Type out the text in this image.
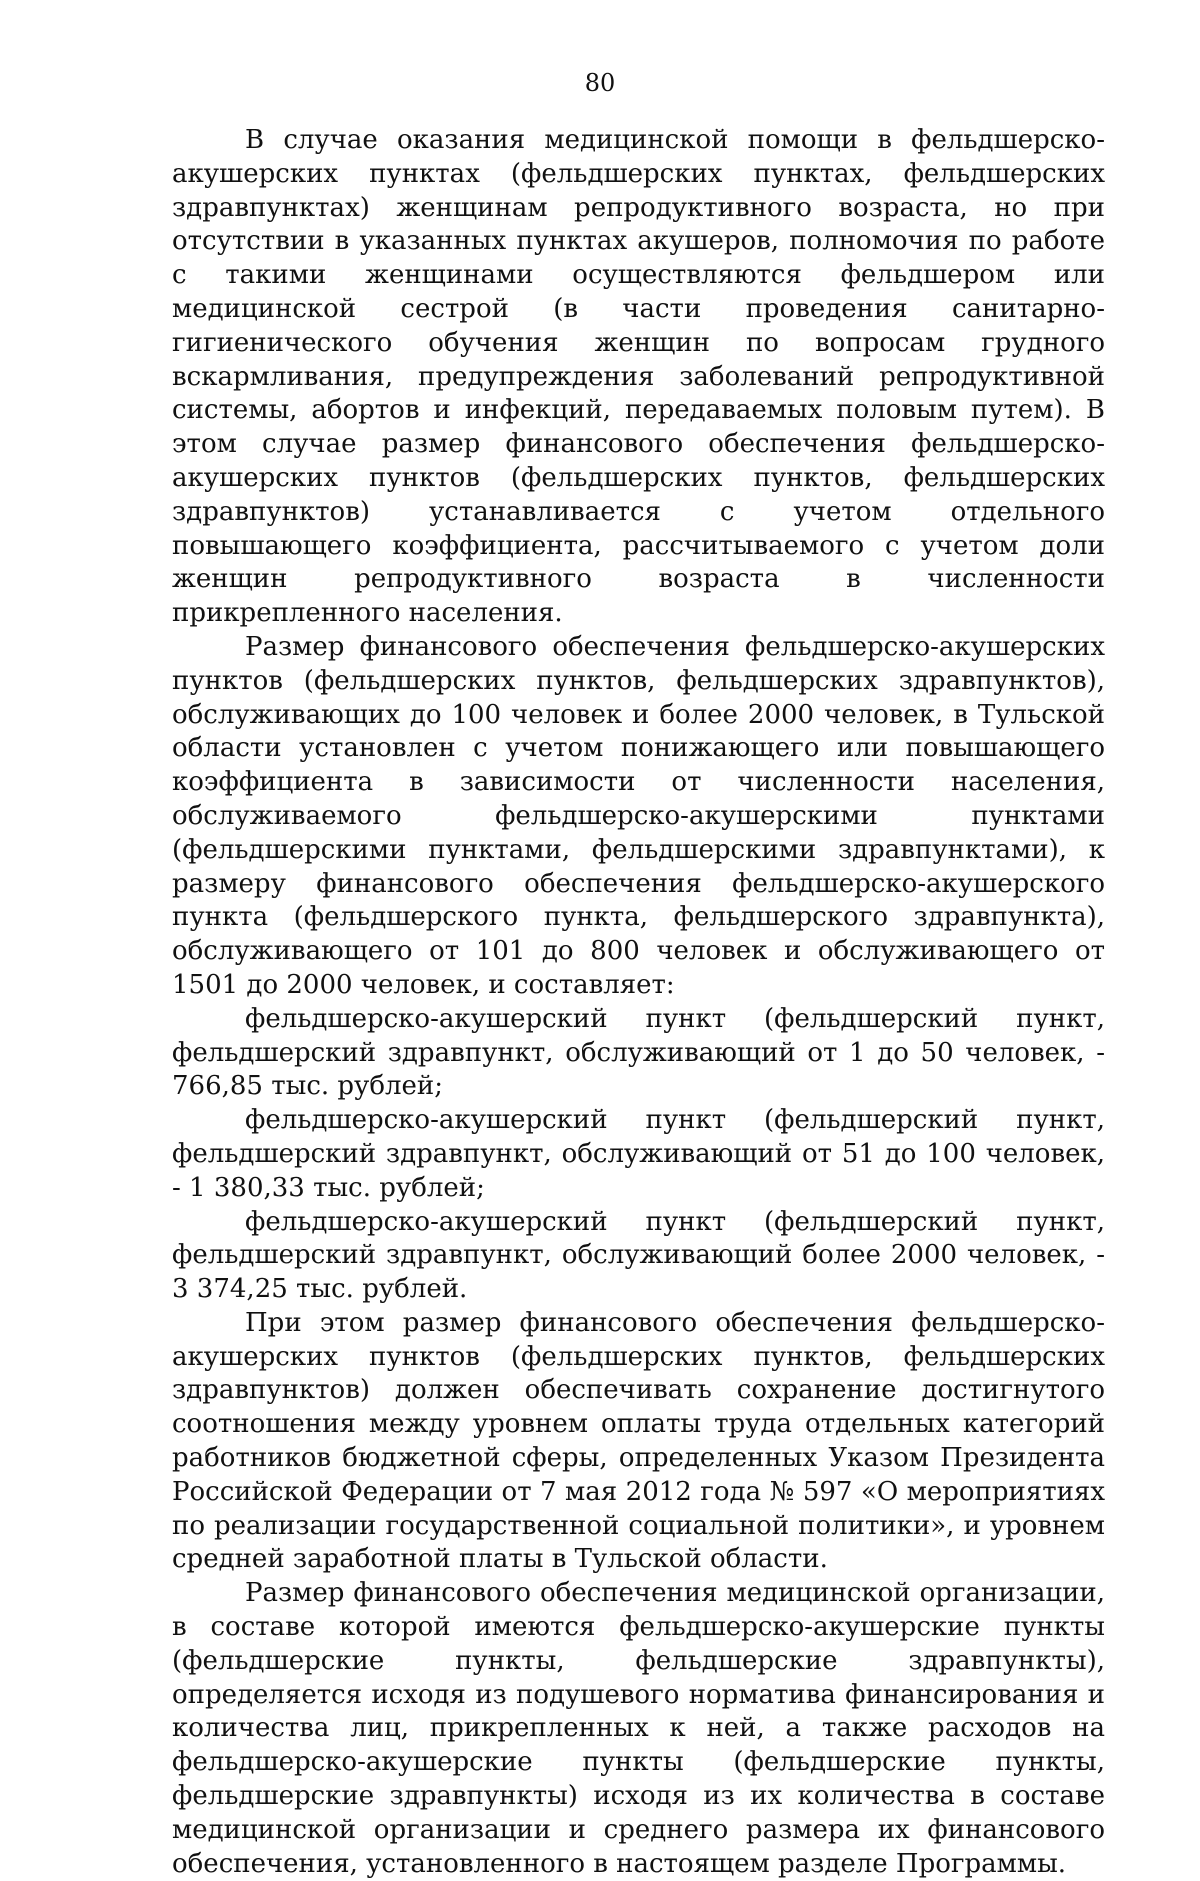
80

В случае оказания медицинской помощи в фельдшерско-акушерских пунктах (фельдшерских пунктах, фельдшерских здравпунктах) женщинам репродуктивного возраста, но при отсутствии в указанных пунктах акушеров, полномочия по работе с такими женщинами осуществляются фельдшером или медицинской сестрой (в части проведения санитарно-гигиенического обучения женщин по вопросам грудного вскармливания, предупреждения заболеваний репродуктивной системы, абортов и инфекций, передаваемых половым путем). В этом случае размер финансового обеспечения фельдшерско-акушерских пунктов (фельдшерских пунктов, фельдшерских здравпунктов) устанавливается с учетом отдельного повышающего коэффициента, рассчитываемого с учетом доли женщин репродуктивного возраста в численности прикрепленного населения.

Размер финансового обеспечения фельдшерско-акушерских пунктов (фельдшерских пунктов, фельдшерских здравпунктов), обслуживающих до 100 человек и более 2000 человек, в Тульской области установлен с учетом понижающего или повышающего коэффициента в зависимости от численности населения, обслуживаемого фельдшерско-акушерскими пунктами (фельдшерскими пунктами, фельдшерскими здравпунктами), к размеру финансового обеспечения фельдшерско-акушерского пункта (фельдшерского пункта, фельдшерского здравпункта), обслуживающего от 101 до 800 человек и обслуживающего от 1501 до 2000 человек, и составляет:

фельдшерско-акушерский пункт (фельдшерский пункт, фельдшерский здравпункт, обслуживающий от 1 до 50 человек, - 766,85 тыс. рублей;

фельдшерско-акушерский пункт (фельдшерский пункт, фельдшерский здравпункт, обслуживающий от 51 до 100 человек, - 1 380,33 тыс. рублей;

фельдшерско-акушерский пункт (фельдшерский пункт, фельдшерский здравпункт, обслуживающий более 2000 человек, - 3 374,25 тыс. рублей.

При этом размер финансового обеспечения фельдшерско-акушерских пунктов (фельдшерских пунктов, фельдшерских здравпунктов) должен обеспечивать сохранение достигнутого соотношения между уровнем оплаты труда отдельных категорий работников бюджетной сферы, определенных Указом Президента Российской Федерации от 7 мая 2012 года № 597 «О мероприятиях по реализации государственной социальной политики», и уровнем средней заработной платы в Тульской области.

Размер финансового обеспечения медицинской организации, в составе которой имеются фельдшерско-акушерские пункты (фельдшерские пункты, фельдшерские здравпункты), определяется исходя из подушевого норматива финансирования и количества лиц, прикрепленных к ней, а также расходов на фельдшерско-акушерские пункты (фельдшерские пункты, фельдшерские здравпункты) исходя из их количества в составе медицинской организации и среднего размера их финансового обеспечения, установленного в настоящем разделе Программы.
